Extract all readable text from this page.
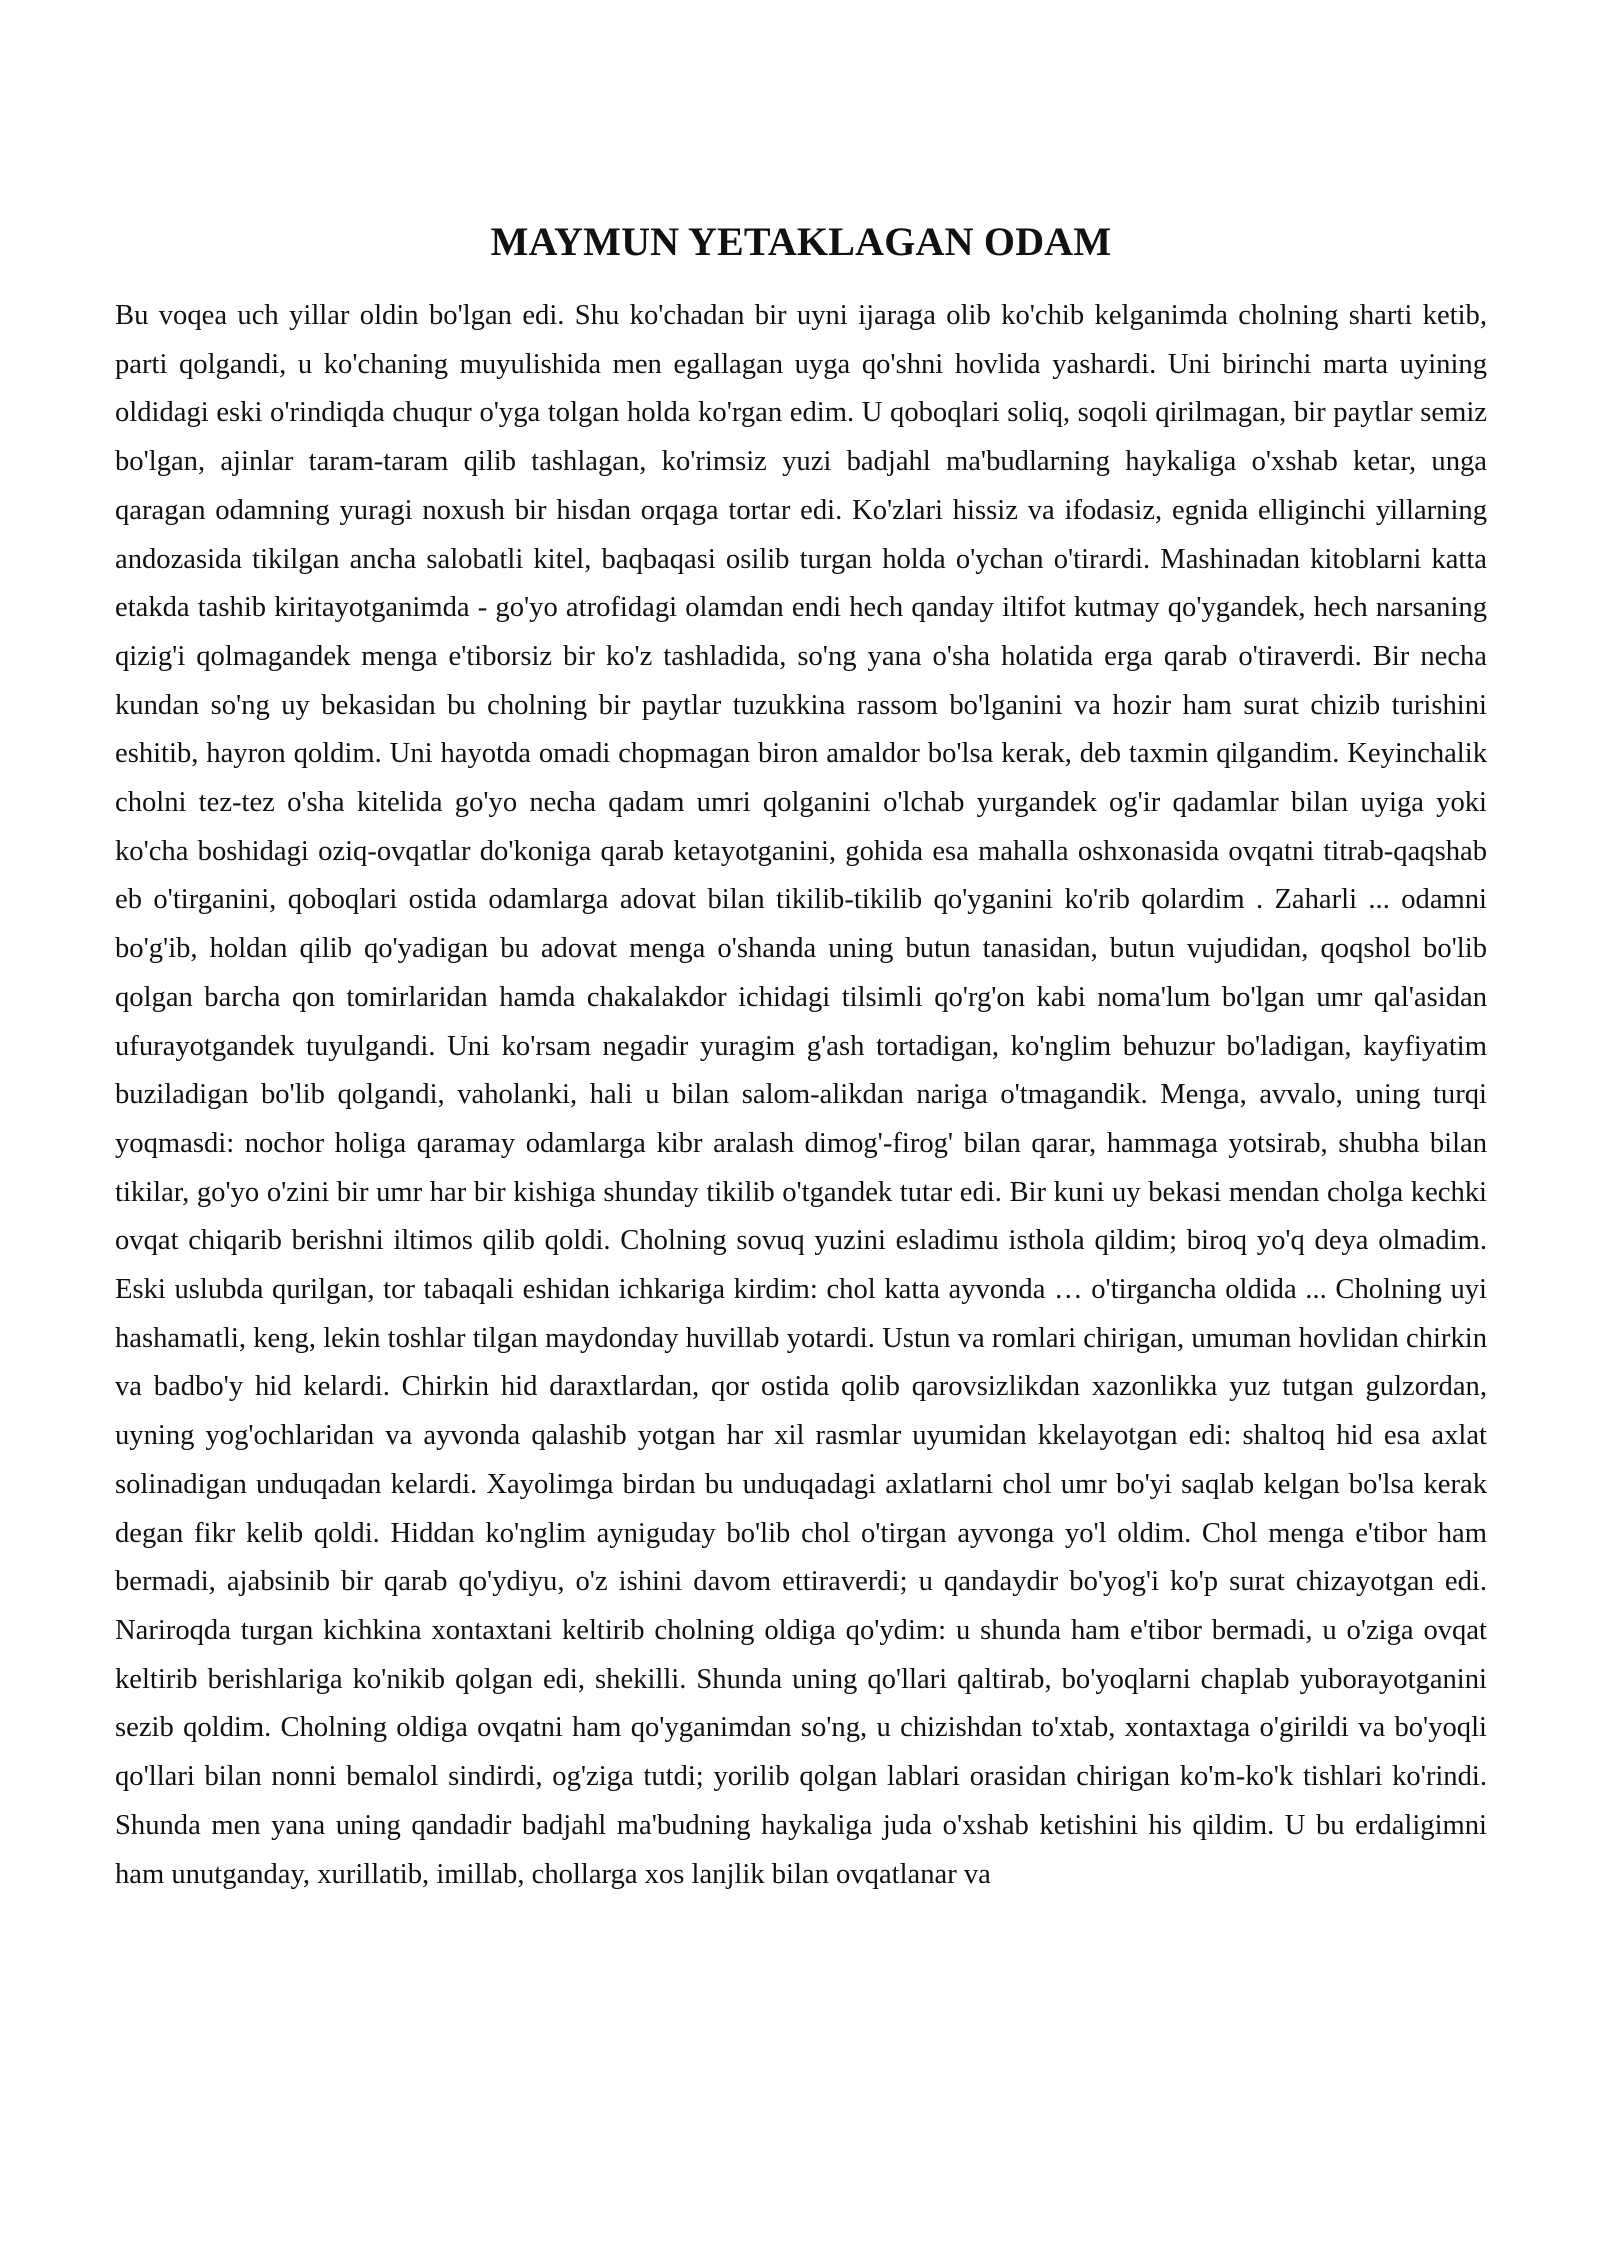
MAYMUN YETAKLAGAN ODAM

Bu voqea uch yillar oldin bo'lgan edi. Shu ko'chadan bir uyni ijaraga olib ko'chib kelganimda cholning sharti ketib, parti qolgandi, u ko'chaning muyulishida men egallagan uyga qo'shni hovlida yashardi. Uni birinchi marta uyining oldidagi eski o'rindiqda chuqur o'yga tolgan holda ko'rgan edim. U qoboqlari soliq, soqoli qirilmagan, bir paytlar semiz bo'lgan, ajinlar taram-taram qilib tashlagan, ko'rimsiz yuzi badjahl ma'budlarning haykaliga o'xshab ketar, unga qaragan odamning yuragi noxush bir hisdan orqaga tortar edi. Ko'zlari hissiz va ifodasiz, egnida elliginchi yillarning andozasida tikilgan ancha salobatli kitel, baqbaqasi osilib turgan holda o'ychan o'tirardi. Mashinadan kitoblarni katta etakda tashib kiritayotganimda - go'yo atrofidagi olamdan endi hech qanday iltifot kutmay qo'ygandek, hech narsaning qizig'i qolmagandek menga e'tiborsiz bir ko'z tashladida, so'ng yana o'sha holatida erga qarab o'tiraverdi. Bir necha kundan so'ng uy bekasidan bu cholning bir paytlar tuzukkina rassom bo'lganini va hozir ham surat chizib turishini eshitib, hayron qoldim. Uni hayotda omadi chopmagan biron amaldor bo'lsa kerak, deb taxmin qilgandim. Keyinchalik cholni tez-tez o'sha kitelida go'yo necha qadam umri qolganini o'lchab yurgandek og'ir qadamlar bilan uyiga yoki ko'cha boshidagi oziq-ovqatlar do'koniga qarab ketayotganini, gohida esa mahalla oshxonasida ovqatni titrab-qaqshab eb o'tirganini, qoboqlari ostida odamlarga adovat bilan tikilib-tikilib qo'yganini ko'rib qolardim . Zaharli ... odamni bo'g'ib, holdan qilib qo'yadigan bu adovat menga o'shanda uning butun tanasidan, butun vujudidan, qoqshol bo'lib qolgan barcha qon tomirlaridan hamda chakalakdor ichidagi tilsimli qo'rg'on kabi noma'lum bo'lgan umr qal'asidan ufurayotgandek tuyulgandi. Uni ko'rsam negadir yuragim g'ash tortadigan, ko'nglim behuzur bo'ladigan, kayfiyatim buziladigan bo'lib qolgandi, vaholanki, hali u bilan salom-alikdan nariga o'tmagandik. Menga, avvalo, uning turqi yoqmasdi: nochor holiga qaramay odamlarga kibr aralash dimog'-firog' bilan qarar, hammaga yotsirab, shubha bilan tikilar, go'yo o'zini bir umr har bir kishiga shunday tikilib o'tgandek tutar edi. Bir kuni uy bekasi mendan cholga kechki ovqat chiqarib berishni iltimos qilib qoldi. Cholning sovuq yuzini esladimu isthola qildim; biroq yo'q deya olmadim. Eski uslubda qurilgan, tor tabaqali eshidan ichkariga kirdim: chol katta ayvonda … o'tirgancha oldida ... Cholning uyi hashamatli, keng, lekin toshlar tilgan maydonday huvillab yotardi. Ustun va romlari chirigan, umuman hovlidan chirkin va badbo'y hid kelardi. Chirkin hid daraxtlardan, qor ostida qolib qarovsizlikdan xazonlikka yuz tutgan gulzordan, uyning yog'ochlaridan va ayvonda qalashib yotgan har xil rasmlar uyumidan kkelayotgan edi: shaltoq hid esa axlat solinadigan unduqadan kelardi. Xayolimga birdan bu unduqadagi axlatlarni chol umr bo'yi saqlab kelgan bo'lsa kerak degan fikr kelib qoldi. Hiddan ko'nglim ayniguday bo'lib chol o'tirgan ayvonga yo'l oldim. Chol menga e'tibor ham bermadi, ajabsinib bir qarab qo'ydiyu, o'z ishini davom ettiraverdi; u qandaydir bo'yog'i ko'p surat chizayotgan edi. Nariroqda turgan kichkina xontaxtani keltirib cholning oldiga qo'ydim: u shunda ham e'tibor bermadi, u o'ziga ovqat keltirib berishlariga ko'nikib qolgan edi, shekilli. Shunda uning qo'llari qaltirab, bo'yoqlarni chaplab yuborayotganini sezib qoldim. Cholning oldiga ovqatni ham qo'yganimdan so'ng, u chizishdan to'xtab, xontaxtaga o'girildi va bo'yoqli qo'llari bilan nonni bemalol sindirdi, og'ziga tutdi; yorilib qolgan lablari orasidan chirigan ko'm-ko'k tishlari ko'rindi. Shunda men yana uning qandadir badjahl ma'budning haykaliga juda o'xshab ketishini his qildim. U bu erdaligimni ham unutganday, xurillatib, imillab, chollarga xos lanjlik bilan ovqatlanar va
